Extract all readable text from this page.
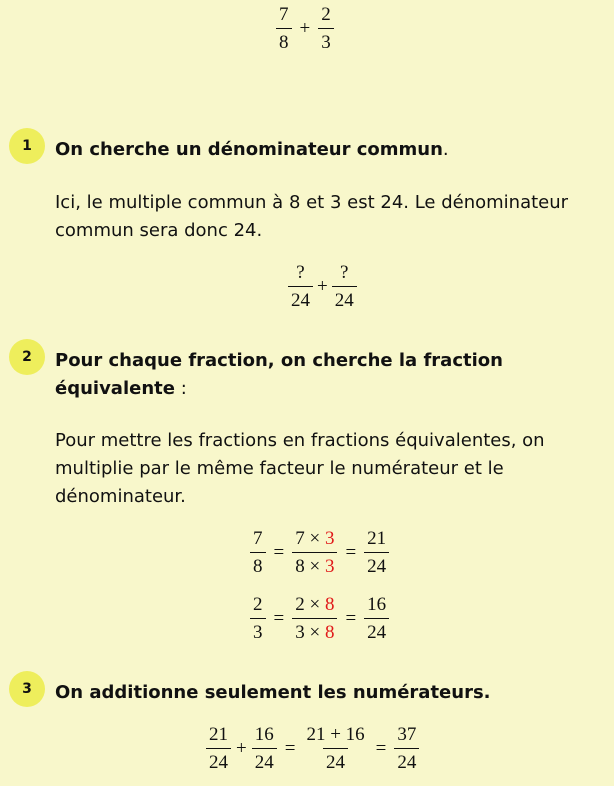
$\frac{7}{8} + \frac{2}{3}$
1	On cherche un dénominateur commun.
Ici, le multiple commun à 8 et 3 est 24. Le dénominateur commun sera donc 24.
$\frac{?}{24} + \frac{?}{24}$
2	Pour chaque fraction, on cherche la fraction équivalente :
Pour mettre les fractions en fractions équivalentes, on multiplie par le même facteur le numérateur et le dénominateur.
$\frac{7}{8} = \frac{7 \times 3}{8 \times 3} = \frac{21}{24}$
$\frac{2}{3} = \frac{2 \times 8}{3 \times 8} = \frac{16}{24}$
3	On additionne seulement les numérateurs.
$\frac{21}{24} + \frac{16}{24} = \frac{21 + 16}{24} = \frac{37}{24}$
